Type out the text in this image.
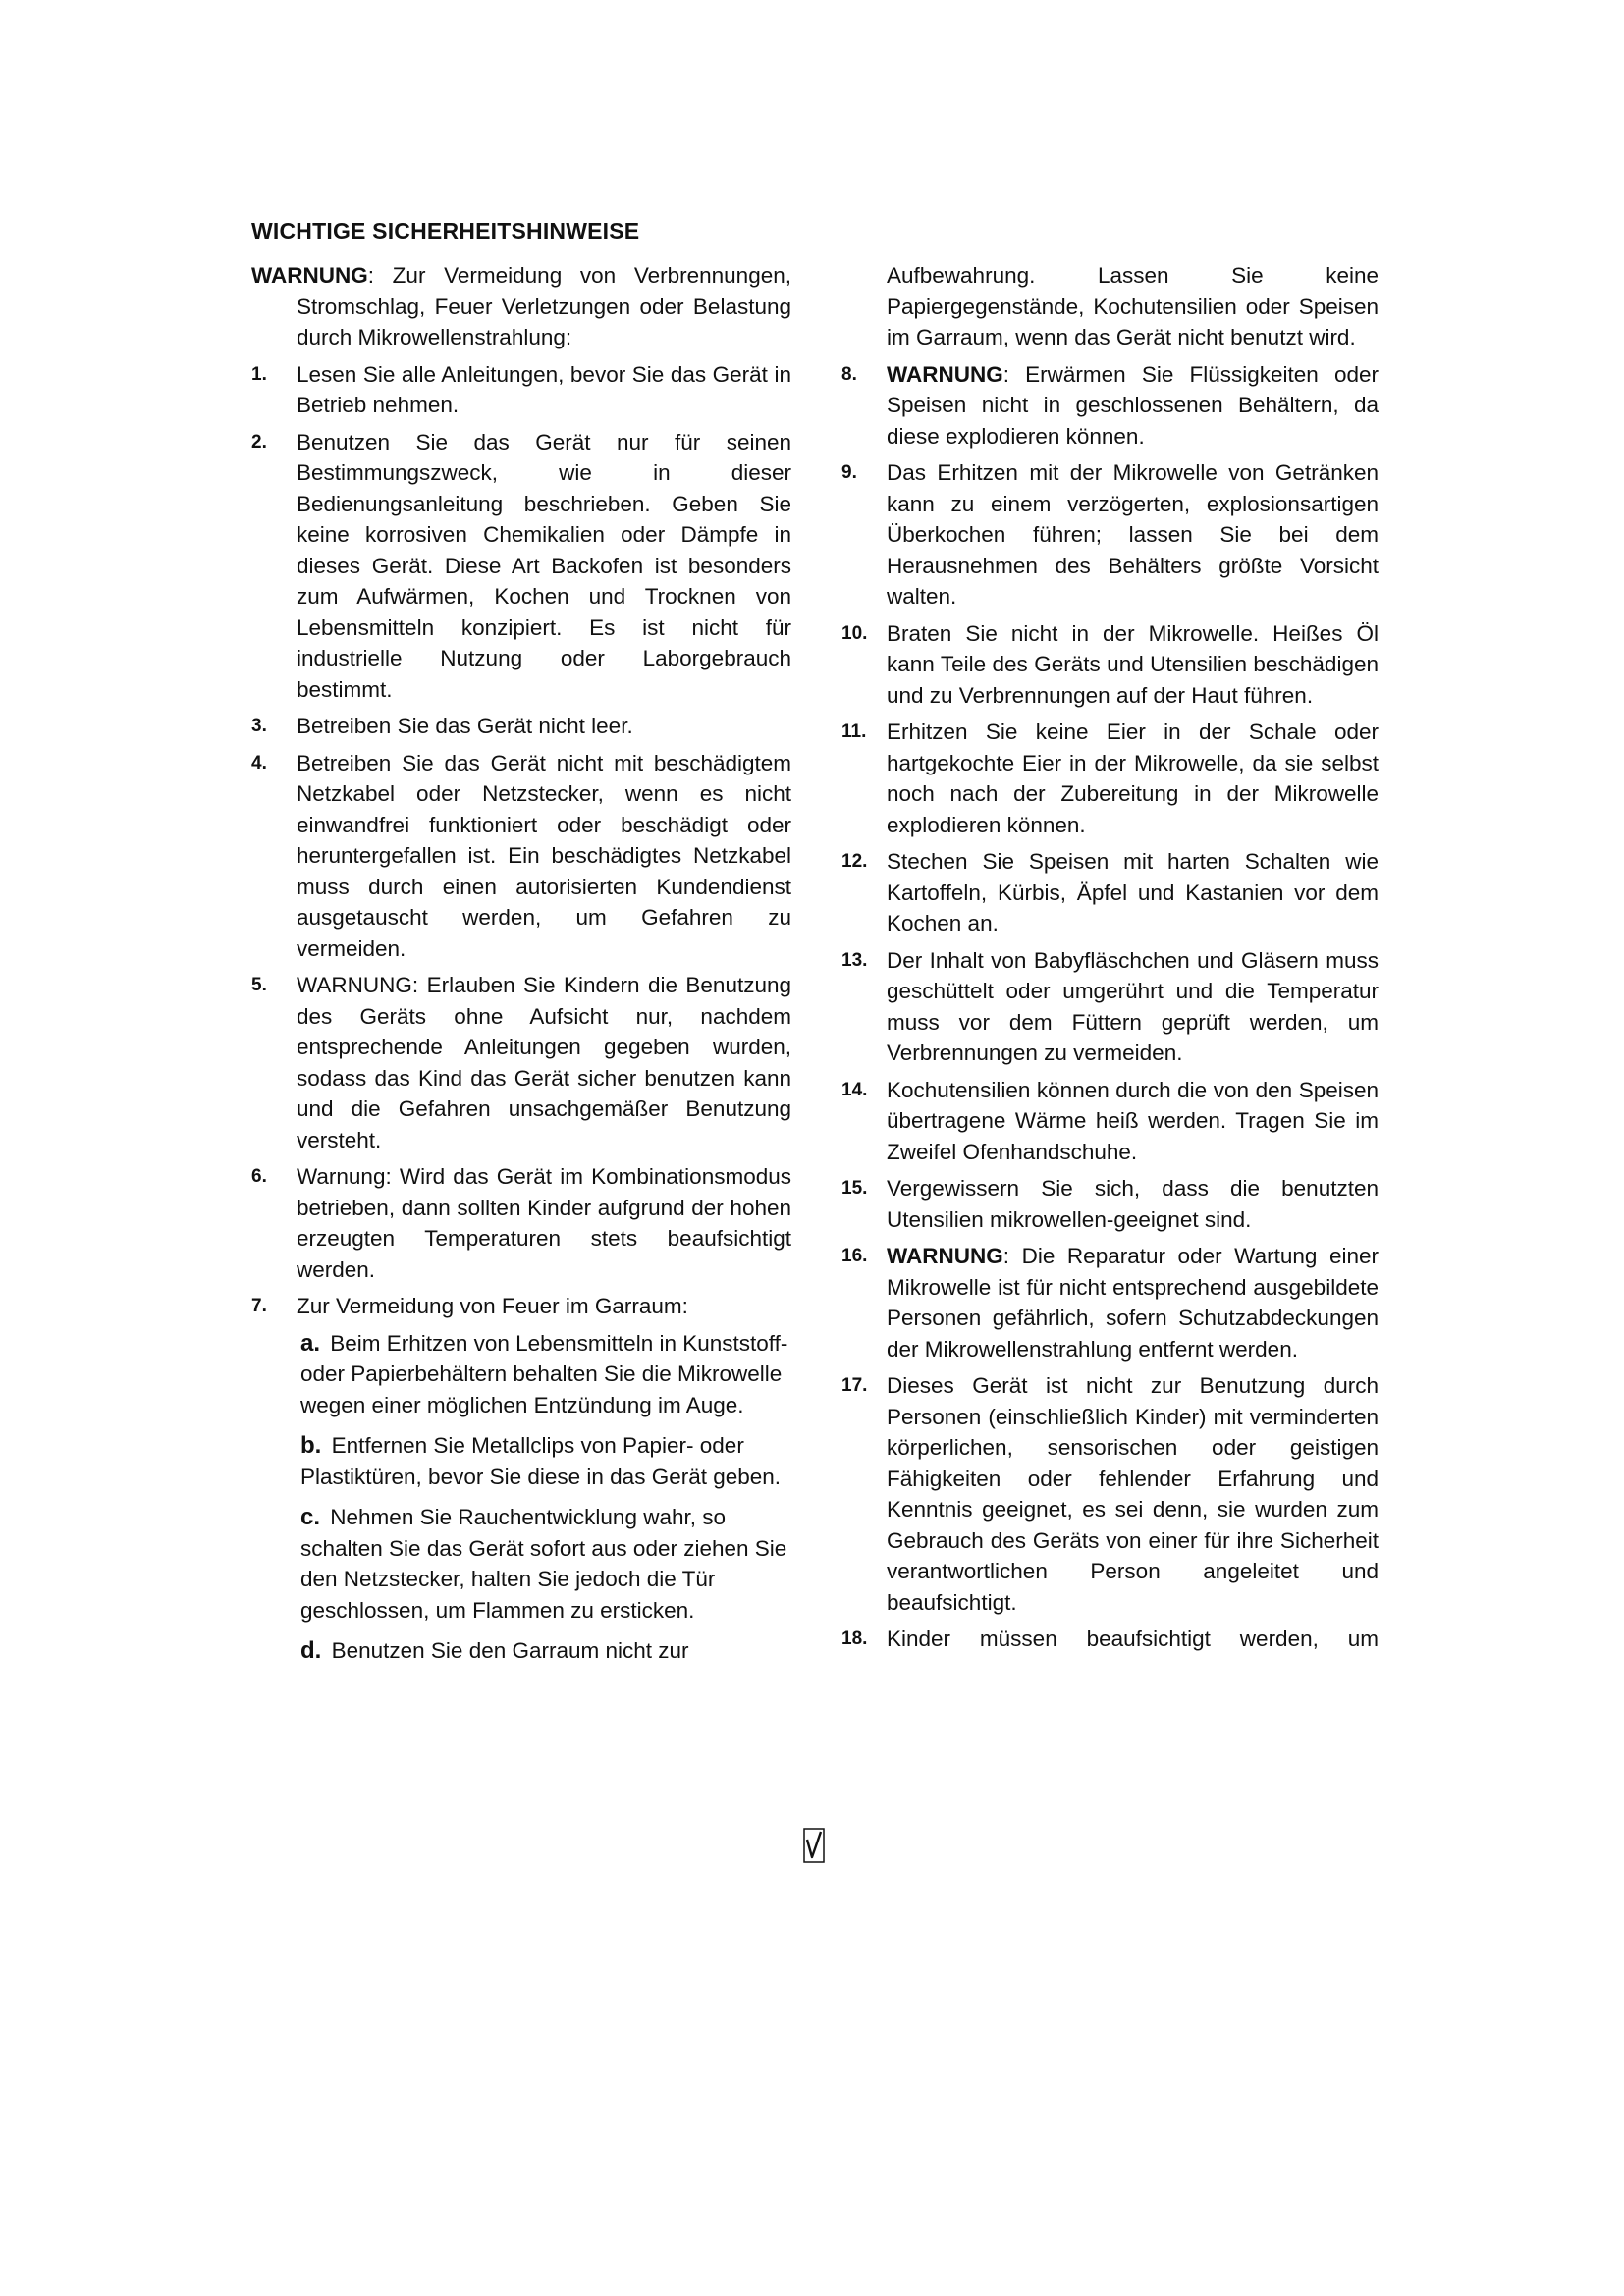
WICHTIGE SICHERHEITSHINWEISE
WARNUNG: Zur Vermeidung von Verbrennungen, Stromschlag, Feuer Verletzungen oder Belastung durch Mikrowellenstrahlung:
1. Lesen Sie alle Anleitungen, bevor Sie das Gerät in Betrieb nehmen.
2. Benutzen Sie das Gerät nur für seinen Bestimmungszweck, wie in dieser Bedienungsanleitung beschrieben. Geben Sie keine korrosiven Chemikalien oder Dämpfe in dieses Gerät. Diese Art Backofen ist besonders zum Aufwärmen, Kochen und Trocknen von Lebensmitteln konzipiert. Es ist nicht für industrielle Nutzung oder Laborgebrauch bestimmt.
3. Betreiben Sie das Gerät nicht leer.
4. Betreiben Sie das Gerät nicht mit beschädigtem Netzkabel oder Netzstecker, wenn es nicht einwandfrei funktioniert oder beschädigt oder heruntergefallen ist. Ein beschädigtes Netzkabel muss durch einen autorisierten Kundendienst ausgetauscht werden, um Gefahren zu vermeiden.
5. WARNUNG: Erlauben Sie Kindern die Benutzung des Geräts ohne Aufsicht nur, nachdem entsprechende Anleitungen gegeben wurden, sodass das Kind das Gerät sicher benutzen kann und die Gefahren unsachgemäßer Benutzung versteht.
6. Warnung: Wird das Gerät im Kombinationsmodus betrieben, dann sollten Kinder aufgrund der hohen erzeugten Temperaturen stets beaufsichtigt werden.
7. Zur Vermeidung von Feuer im Garraum:
a. Beim Erhitzen von Lebensmitteln in Kunststoff- oder Papierbehältern behalten Sie die Mikrowelle wegen einer möglichen Entzündung im Auge.
b. Entfernen Sie Metallclips von Papier- oder Plastiktüren, bevor Sie diese in das Gerät geben.
c. Nehmen Sie Rauchentwicklung wahr, so schalten Sie das Gerät sofort aus oder ziehen Sie den Netzstecker, halten Sie jedoch die Tür geschlossen, um Flammen zu ersticken.
d. Benutzen Sie den Garraum nicht zur
Aufbewahrung. Lassen Sie keine Papiergegenstände, Kochutensilien oder Speisen im Garraum, wenn das Gerät nicht benutzt wird.
8. WARNUNG: Erwärmen Sie Flüssigkeiten oder Speisen nicht in geschlossenen Behältern, da diese explodieren können.
9. Das Erhitzen mit der Mikrowelle von Getränken kann zu einem verzögerten, explosionsartigen Überkochen führen; lassen Sie bei dem Herausnehmen des Behälters größte Vorsicht walten.
10. Braten Sie nicht in der Mikrowelle. Heißes Öl kann Teile des Geräts und Utensilien beschädigen und zu Verbrennungen auf der Haut führen.
11. Erhitzen Sie keine Eier in der Schale oder hartgekochte Eier in der Mikrowelle, da sie selbst noch nach der Zubereitung in der Mikrowelle explodieren können.
12. Stechen Sie Speisen mit harten Schalten wie Kartoffeln, Kürbis, Äpfel und Kastanien vor dem Kochen an.
13. Der Inhalt von Babyfläschchen und Gläsern muss geschüttelt oder umgerührt und die Temperatur muss vor dem Füttern geprüft werden, um Verbrennungen zu vermeiden.
14. Kochutensilien können durch die von den Speisen übertragene Wärme heiß werden. Tragen Sie im Zweifel Ofenhandschuhe.
15. Vergewissern Sie sich, dass die benutzten Utensilien mikrowellen-geeignet sind.
16. WARNUNG: Die Reparatur oder Wartung einer Mikrowelle ist für nicht entsprechend ausgebildete Personen gefährlich, sofern Schutzabdeckungen der Mikrowellenstrahlung entfernt werden.
17. Dieses Gerät ist nicht zur Benutzung durch Personen (einschließlich Kinder) mit verminderten körperlichen, sensorischen oder geistigen Fähigkeiten oder fehlender Erfahrung und Kenntnis geeignet, es sei denn, sie wurden zum Gebrauch des Geräts von einer für ihre Sicherheit verantwortlichen Person angeleitet und beaufsichtigt.
18. Kinder müssen beaufsichtigt werden, um
